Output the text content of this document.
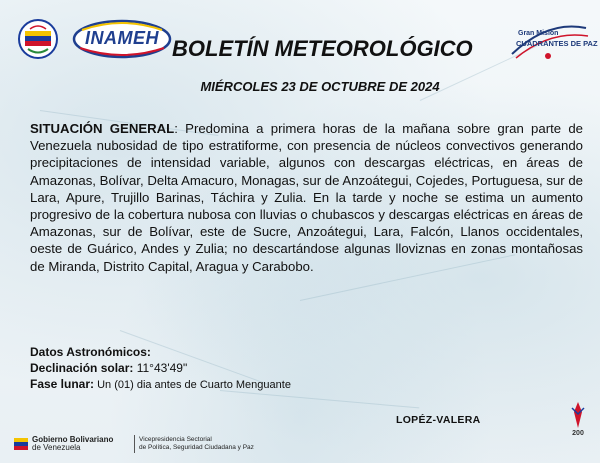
INAMEH	Gran Misión
CUADRANTES DE PAZ
BOLETÍN METEOROLÓGICO
MIÉRCOLES 23 DE OCTUBRE DE 2024
SITUACIÓN GENERAL: Predomina a primera horas de la mañana sobre gran parte de Venezuela nubosidad de tipo estratiforme, con presencia de núcleos convectivos generando precipitaciones de intensidad variable, algunos con descargas eléctricas, en áreas de Amazonas, Bolívar, Delta Amacuro, Monagas, sur de Anzoátegui, Cojedes, Portuguesa, sur de Lara, Apure, Trujillo Barinas, Táchira y Zulia. En la tarde y noche se estima un aumento progresivo de la cobertura nubosa con lluvias o chubascos y descargas eléctricas en áreas de Amazonas, sur de Bolívar, este de Sucre, Anzoátegui, Lara, Falcón, Llanos occidentales, oeste de Guárico, Andes y Zulia; no descartándose algunas lloviznas en zonas montañosas de Miranda, Distrito Capital, Aragua y Carabobo.
Datos Astronómicos:
Declinación solar: 11°43'49"
Fase lunar: Un (01) dia antes de Cuarto Menguante
LOPÉZ-VALERA
Gobierno Bolivariano
de Venezuela
Vicepresidencia Sectorial
de Política, Seguridad Ciudadana y Paz
200
